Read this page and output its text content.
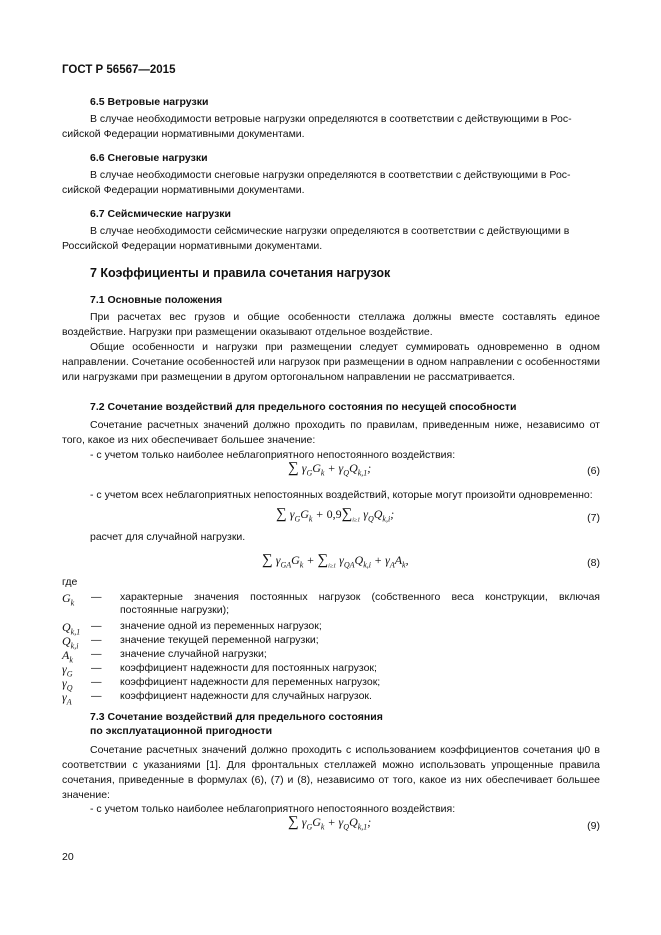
ГОСТ Р 56567—2015
6.5 Ветровые нагрузки
В случае необходимости ветровые нагрузки определяются в соответствии с действующими в Рос-
сийской Федерации нормативными документами.
6.6 Снеговые нагрузки
В случае необходимости снеговые нагрузки определяются в соответствии с действующими в Рос-
сийской Федерации нормативными документами.
6.7 Сейсмические нагрузки
В случае необходимости сейсмические нагрузки определяются в соответствии с действующими в
Российской Федерации нормативными документами.
7 Коэффициенты и правила сочетания нагрузок
7.1 Основные положения
При расчетах вес грузов и общие особенности стеллажа должны вместе составлять единое воздействие. Нагрузки при размещении оказывают отдельное воздействие.
Общие особенности и нагрузки при размещении следует суммировать одновременно в одном направлении. Сочетание особенностей или нагрузок при размещении в одном направлении с особенностями или нагрузками при размещении в другом ортогональном направлении не рассматривается.
7.2 Сочетание воздействий для предельного состояния по несущей способности
Сочетание расчетных значений должно проходить по правилам, приведенным ниже, независимо от того, какое из них обеспечивает большее значение:
- с учетом только наиболее неблагоприятного непостоянного воздействия:
∑ $\gamma_GG_k + \gamma_QQ_{k,1}$;	(6)
- с учетом всех неблагоприятных непостоянных воздействий, которые могут произойти одновременно:
∑ $\gamma_GG_k + 0,9\sum_{i\ge 1}$ $\gamma_QQ_{k,i}$;	(7)
расчет для случайной нагрузки.
∑ $\gamma_{GA}G_k + \sum_{i\ge 1}$ $\gamma_{QA}Q_{k,i} + \gamma_AA_k$,	(8)
где
$G_k$ — характерные значения постоянных нагрузок (собственного веса конструкции, включая постоянные нагрузки);
$Q_{k,1}$ — значение одной из переменных нагрузок;
$Q_{k,i}$ — значение текущей переменной нагрузки;
$A_k$ — значение случайной нагрузки;
$\gamma_G$ — коэффициент надежности для постоянных нагрузок;
$\gamma_Q$ — коэффициент надежности для переменных нагрузок;
$\gamma_A$ — коэффициент надежности для случайных нагрузок.
7.3 Сочетание воздействий для предельного состояния
по эксплуатационной пригодности
Сочетание расчетных значений должно проходить с использованием коэффициентов сочетания ψ0 в соответствии с указаниями [1]. Для фронтальных стеллажей можно использовать упрощенные правила сочетания, приведенные в формулах (6), (7) и (8), независимо от того, какое из них обеспечивает большее значение:
- с учетом только наиболее неблагоприятного непостоянного воздействия:
∑ $\gamma_GG_k + \gamma_QQ_{k,1}$;	(9)
20
